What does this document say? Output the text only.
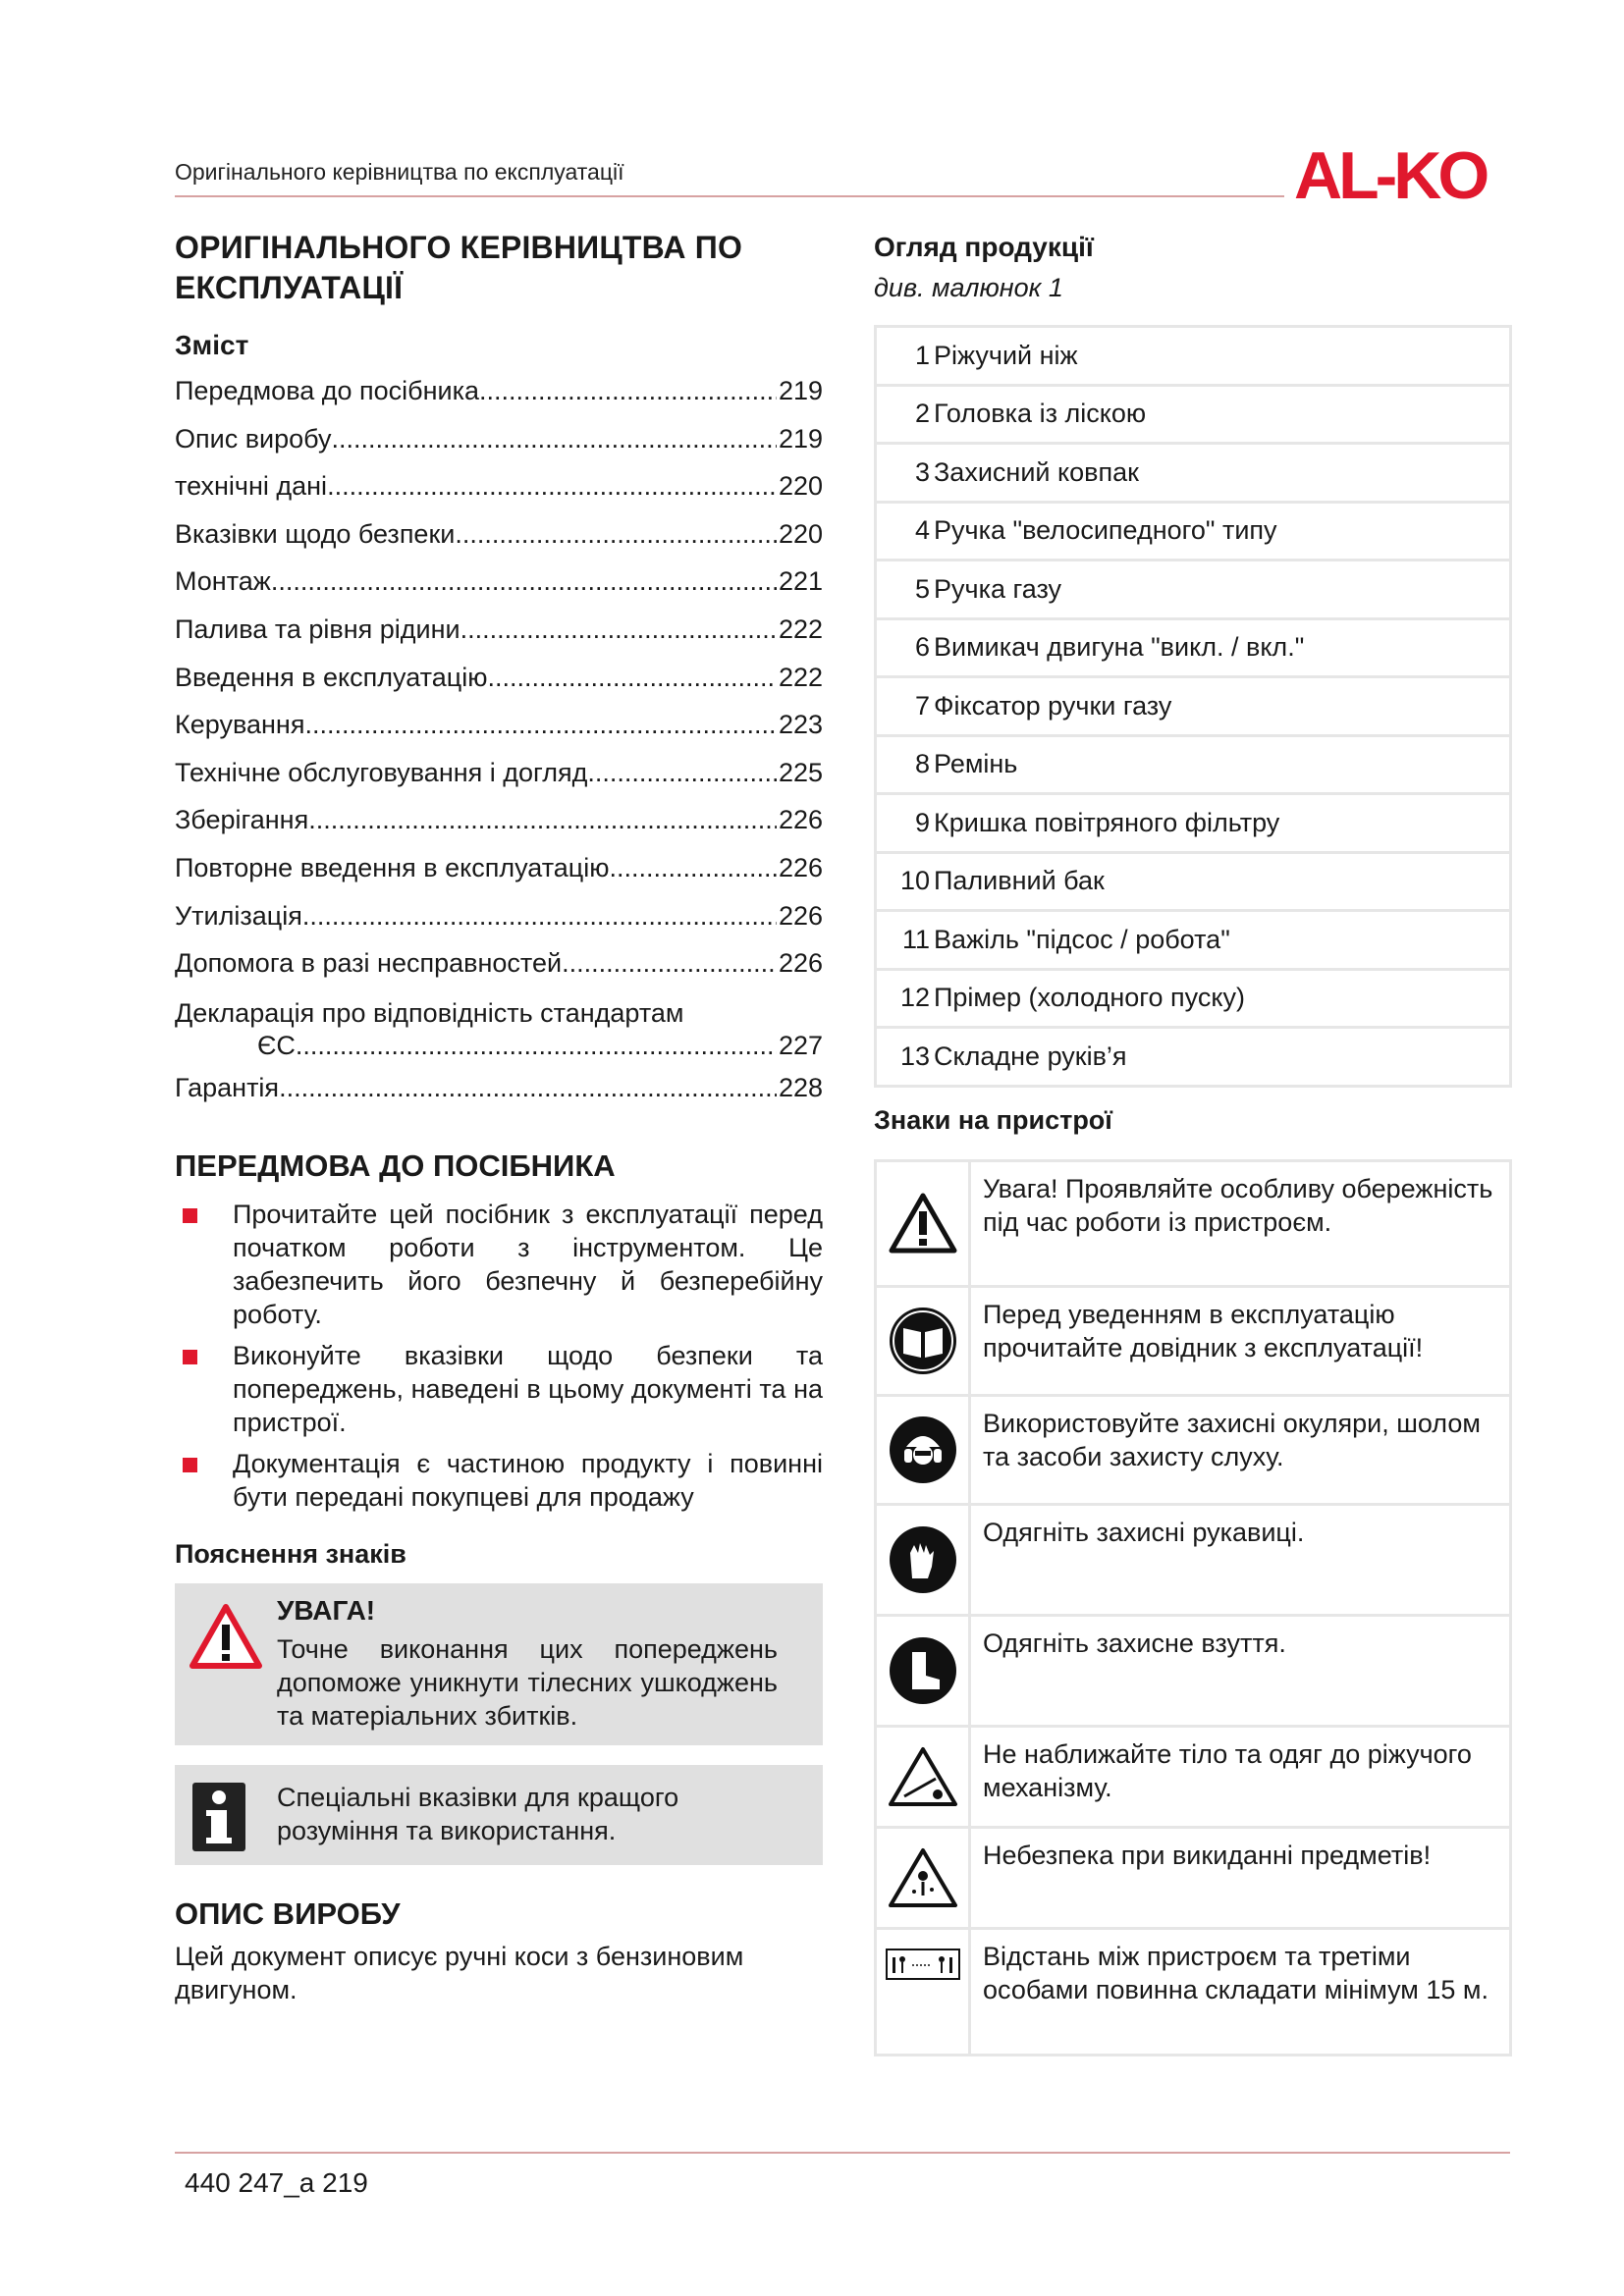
Оригінального керівництва по експлуатації	AL-KO
ОРИГІНАЛЬНОГО КЕРІВНИЦТВА ПО ЕКСПЛУАТАЦІЇ
Зміст
Передмова до посібника .....	219
Опис виробу .....	219
технічні дані .....	220
Вказівки щодо безпеки .....	220
Монтаж .....	221
Палива та рівня рідини .....	222
Введення в експлуатацію .....	222
Керування .....	223
Технічне обслуговування і догляд .....	225
Зберігання .....	226
Повторне введення в експлуатацію .....	226
Утилізація .....	226
Допомога в разі несправностей .....	226
Декларація про відповідність стандартам
ЄС .....	227
Гарантія .....	228
ПЕРЕДМОВА ДО ПОСІБНИКА
Прочитайте цей посібник з експлуатації перед початком роботи з інструментом. Це забезпечить його безпечну й безперебійну роботу.
Виконуйте вказівки щодо безпеки та попереджень, наведені в цьому документі та на пристрої.
Документація є частиною продукту і повинні бути передані покупцеві для продажу
Пояснення знаків
УВАГА!
Точне виконання цих попереджень допоможе уникнути тілесних ушкоджень та матеріальних збитків.
Спеціальні вказівки для кращого розуміння та використання.
ОПИС ВИРОБУ
Цей документ описує ручні коси з бензиновим двигуном.
Огляд продукції
див. малюнок 1
1 Ріжучий ніж
2 Головка із ліскою
3 Захисний ковпак
4 Ручка "велосипедного" типу
5 Ручка газу
6 Вимикач двигуна "викл. / вкл."
7 Фіксатор ручки газу
8 Ремінь
9 Кришка повітряного фільтру
10 Паливний бак
11 Важіль "підсос / робота"
12 Прімер (холодного пуску)
13 Складне руків’я
Знаки на пристрої
Увага! Проявляйте особливу обережність під час роботи із пристроєм.
Перед уведенням в експлуатацію прочитайте довідник з експлуатації!
Використовуйте захисні окуляри, шолом та засоби захисту слуху.
Одягніть захисні рукавиці.
Одягніть захисне взуття.
Не наближайте тіло та одяг до ріжучого механізму.
Небезпека при викиданні предметів!
Відстань між пристроєм та третіми особами повинна складати мінімум 15 м.
440 247_a 219
